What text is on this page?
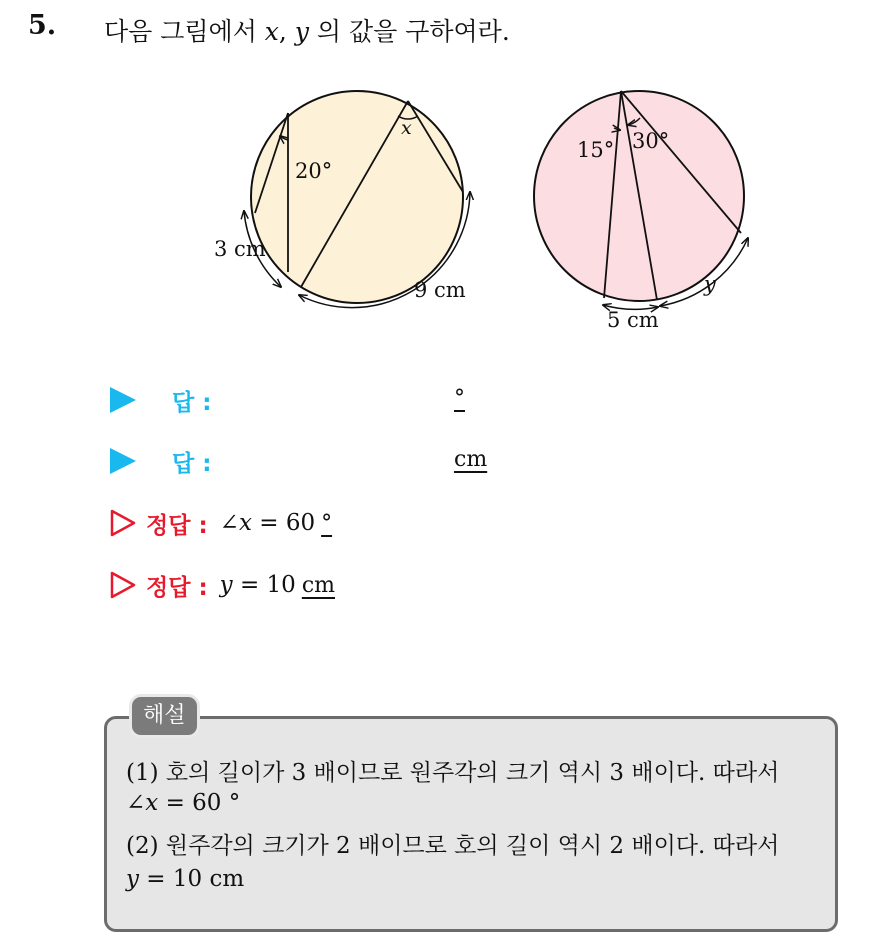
5. 다음 그림에서 x, y 의 값을 구하여라.
20°
x
3 cm
9 cm
15° 30°
5 cm
y
답 :	°
답 :	cm
정답 : ∠x = 60 °
정답 : y = 10 cm
해설
(1) 호의 길이가 3 배이므로 원주각의 크기 역시 3 배이다. 따라서
∠x = 60 °
(2) 원주각의 크기가 2 배이므로 호의 길이 역시 2 배이다. 따라서
y = 10 cm
